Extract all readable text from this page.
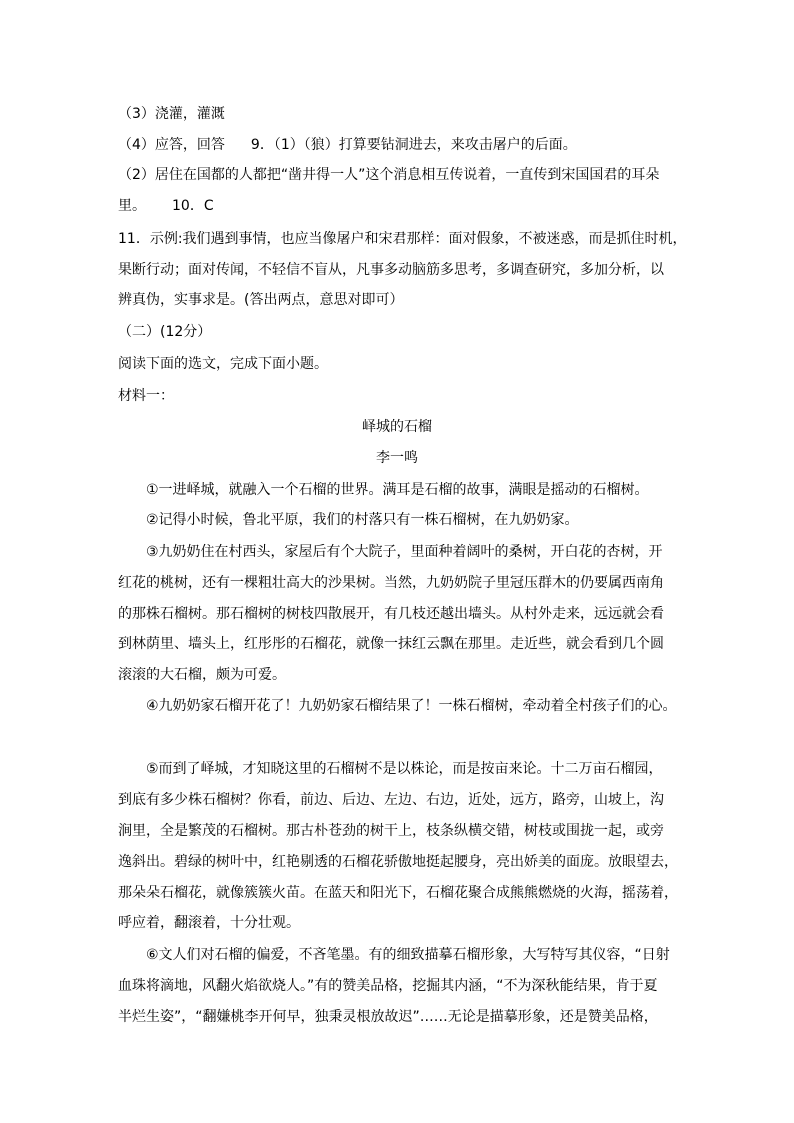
（3）浇灌，灌溉
（4）应答，回答 9．（1）（狼）打算要钻洞进去，来攻击屠户的后面。
（2）居住在国都的人都把“凿井得一人”这个消息相互传说着，一直传到宋国国君的耳朵
里。 10．C
11．示例:我们遇到事情，也应当像屠户和宋君那样：面对假象，不被迷惑，而是抓住时机，
果断行动；面对传闻，不轻信不盲从，凡事多动脑筋多思考，多调查研究，多加分析，以
辨真伪，实事求是。(答出两点，意思对即可）
（二）(12分）
阅读下面的选文，完成下面小题。
材料一：
峄城的石榴
李一鸣
①一进峄城，就融入一个石榴的世界。满耳是石榴的故事，满眼是摇动的石榴树。
②记得小时候，鲁北平原，我们的村落只有一株石榴树，在九奶奶家。
③九奶奶住在村西头，家屋后有个大院子，里面种着阔叶的桑树，开白花的杏树，开
红花的桃树，还有一棵粗壮高大的沙果树。当然，九奶奶院子里冠压群木的仍要属西南角
的那株石榴树。那石榴树的树枝四散展开，有几枝还越出墙头。从村外走来，远远就会看
到林荫里、墙头上，红彤彤的石榴花，就像一抹红云飘在那里。走近些，就会看到几个圆
滚滚的大石榴，颇为可爱。
④九奶奶家石榴开花了！九奶奶家石榴结果了！一株石榴树，牵动着全村孩子们的心。
⑤而到了峄城，才知晓这里的石榴树不是以株论，而是按亩来论。十二万亩石榴园，
到底有多少株石榴树？你看，前边、后边、左边、右边，近处，远方，路旁，山坡上，沟
涧里，全是繁茂的石榴树。那古朴苍劲的树干上，枝条纵横交错，树枝或围拢一起，或旁
逸斜出。碧绿的树叶中，红艳剔透的石榴花骄傲地挺起腰身，亮出娇美的面庞。放眼望去，
那朵朵石榴花，就像簇簇火苗。在蓝天和阳光下，石榴花聚合成熊熊燃烧的火海，摇荡着，
呼应着，翻滚着，十分壮观。
⑥文人们对石榴的偏爱，不吝笔墨。有的细致描摹石榴形象，大写特写其仪容，“日射
血珠将滴地，风翻火焰欲烧人。”有的赞美品格，挖掘其内涵，“不为深秋能结果，肯于夏
半烂生姿”，“翻嫌桃李开何早，独秉灵根放故迟”……无论是描摹形象，还是赞美品格，
